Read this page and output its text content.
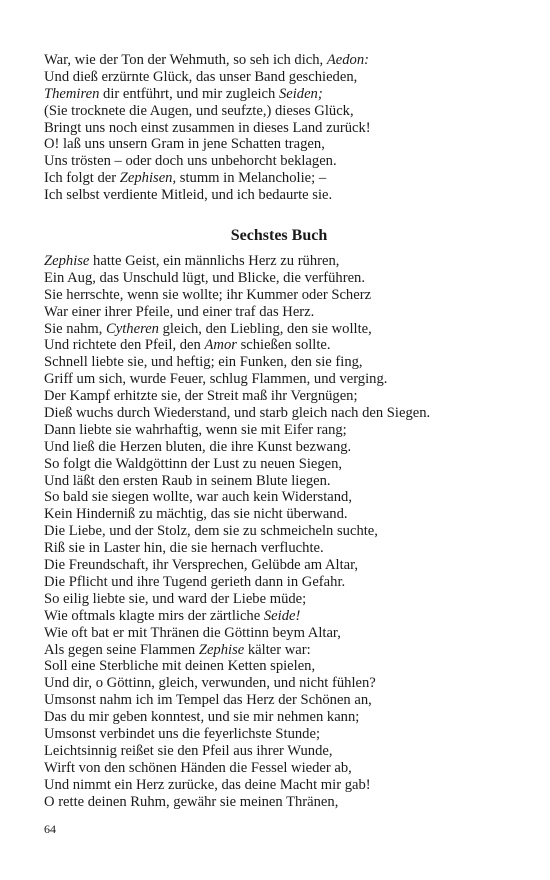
War, wie der Ton der Wehmuth, so seh ich dich, Aedon:
Und dieß erzürnte Glück, das unser Band geschieden,
Themiren dir entführt, und mir zugleich Seiden;
(Sie trocknete die Augen, und seufzte,) dieses Glück,
Bringt uns noch einst zusammen in dieses Land zurück!
O! laß uns unsern Gram in jene Schatten tragen,
Uns trösten – oder doch uns unbehorcht beklagen.
Ich folgt der Zephisen, stumm in Melancholie; –
Ich selbst verdiente Mitleid, und ich bedaurte sie.
Sechstes Buch
Zephise hatte Geist, ein männlichs Herz zu rühren,
Ein Aug, das Unschuld lügt, und Blicke, die verführen.
Sie herrschte, wenn sie wollte; ihr Kummer oder Scherz
War einer ihrer Pfeile, und einer traf das Herz.
Sie nahm, Cytheren gleich, den Liebling, den sie wollte,
Und richtete den Pfeil, den Amor schießen sollte.
Schnell liebte sie, und heftig; ein Funken, den sie fing,
Griff um sich, wurde Feuer, schlug Flammen, und verging.
Der Kampf erhitzte sie, der Streit maß ihr Vergnügen;
Dieß wuchs durch Wiederstand, und starb gleich nach den Siegen.
Dann liebte sie wahrhaftig, wenn sie mit Eifer rang;
Und ließ die Herzen bluten, die ihre Kunst bezwang.
So folgt die Waldgöttinn der Lust zu neuen Siegen,
Und läßt den ersten Raub in seinem Blute liegen.
So bald sie siegen wollte, war auch kein Widerstand,
Kein Hinderniß zu mächtig, das sie nicht überwand.
Die Liebe, und der Stolz, dem sie zu schmeicheln suchte,
Riß sie in Laster hin, die sie hernach verfluchte.
Die Freundschaft, ihr Versprechen, Gelübde am Altar,
Die Pflicht und ihre Tugend gerieth dann in Gefahr.
So eilig liebte sie, und ward der Liebe müde;
Wie oftmals klagte mirs der zärtliche Seide!
Wie oft bat er mit Thränen die Göttinn beym Altar,
Als gegen seine Flammen Zephise kälter war:
Soll eine Sterbliche mit deinen Ketten spielen,
Und dir, o Göttinn, gleich, verwunden, und nicht fühlen?
Umsonst nahm ich im Tempel das Herz der Schönen an,
Das du mir geben konntest, und sie mir nehmen kann;
Umsonst verbindet uns die feyerlichste Stunde;
Leichtsinnig reißet sie den Pfeil aus ihrer Wunde,
Wirft von den schönen Händen die Fessel wieder ab,
Und nimmt ein Herz zurücke, das deine Macht mir gab!
O rette deinen Ruhm, gewähr sie meinen Thränen,
64
